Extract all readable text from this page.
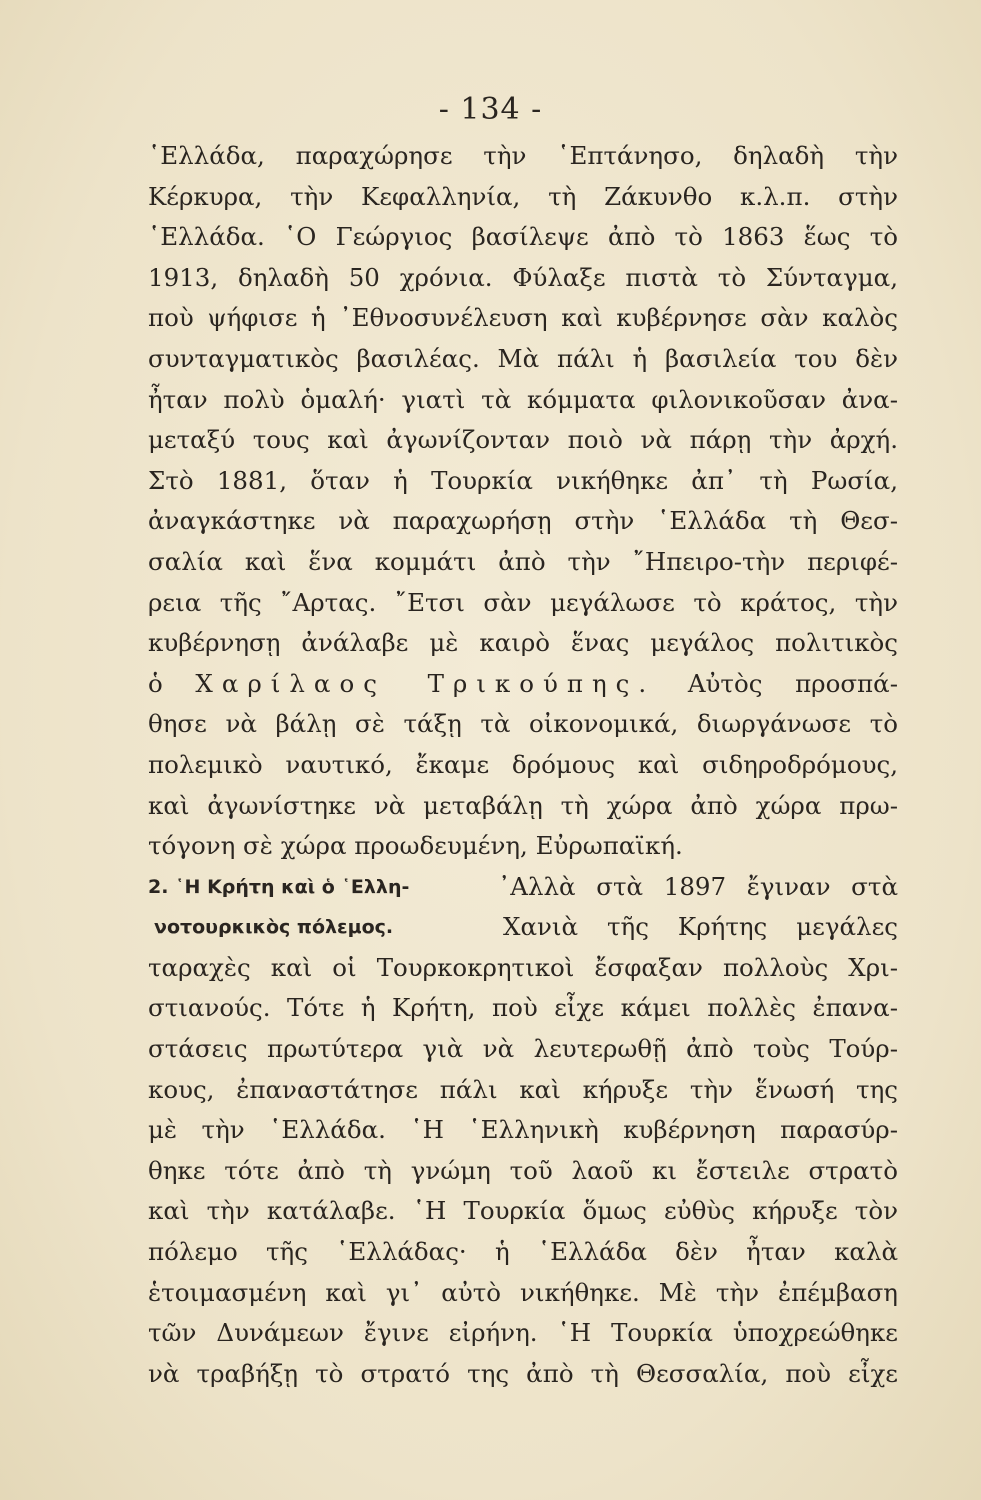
- 134 -
῾Ελλάδα, παραχώρησε τὴν ῾Επτάνησο, δηλαδὴ τὴν
Κέρκυρα, τὴν Κεφαλληνία, τὴ Ζάκυνθο κ.λ.π. στὴν
῾Ελλάδα. ῾Ο Γεώργιος βασίλεψε ἀπὸ τὸ 1863 ἕως τὸ
1913, δηλαδὴ 50 χρόνια. Φύλαξε πιστὰ τὸ Σύνταγμα,
ποὺ ψήφισε ἡ ᾿Εθνοσυνέλευση καὶ κυβέρνησε σὰν καλὸς
συνταγματικὸς βασιλέας. Μὰ πάλι ἡ βασιλεία του δὲν
ἦταν πολὺ ὁμαλή· γιατὶ τὰ κόμματα φιλονικοῦσαν ἀνα-
μεταξύ τους καὶ ἀγωνίζονταν ποιὸ νὰ πάρῃ τὴν ἀρχή.
Στὸ 1881, ὅταν ἡ Τουρκία νικήθηκε ἀπ᾿ τὴ Ρωσία,
ἀναγκάστηκε νὰ παραχωρήσῃ στὴν ῾Ελλάδα τὴ Θεσ-
σαλία καὶ ἕνα κομμάτι ἀπὸ τὴν ῎Ηπειρο-τὴν περιφέ-
ρεια τῆς ῎Αρτας. ῎Ετσι σὰν μεγάλωσε τὸ κράτος, τὴν
κυβέρνησῃ ἀνάλαβε μὲ καιρὸ ἕνας μεγάλος πολιτικὸς
ὁ Χαρίλαος Τρικούπης. Αὐτὸς προσπά-
θησε νὰ βάλῃ σὲ τάξῃ τὰ οἰκονομικά, διωργάνωσε τὸ
πολεμικὸ ναυτικό, ἔκαμε δρόμους καὶ σιδηροδρόμους,
καὶ ἀγωνίστηκε νὰ μεταβάλῃ τὴ χώρα ἀπὸ χώρα πρω-
τόγονη σὲ χώρα προωδευμένη, Εὐρωπαϊκή.
2. ῾Η Κρήτη καὶ ὁ ῾Ελλη-
νοτουρκικὸς πόλεμος.
᾿Αλλὰ στὰ 1897 ἔγιναν στὰ
Χανιὰ τῆς Κρήτης μεγάλες
ταραχὲς καὶ οἱ Τουρκοκρητικοὶ ἔσφαξαν πολλοὺς Χρι-
στιανούς. Τότε ἡ Κρήτη, ποὺ εἶχε κάμει πολλὲς ἐπανα-
στάσεις πρωτύτερα γιὰ νὰ λευτερωθῇ ἀπὸ τοὺς Τούρ-
κους, ἐπαναστάτησε πάλι καὶ κήρυξε τὴν ἕνωσή της
μὲ τὴν ῾Ελλάδα. ῾Η ῾Ελληνικὴ κυβέρνηση παρασύρ-
θηκε τότε ἀπὸ τὴ γνώμη τοῦ λαοῦ κι ἔστειλε στρατὸ
καὶ τὴν κατάλαβε. ῾Η Τουρκία ὅμως εὐθὺς κήρυξε τὸν
πόλεμο τῆς ῾Ελλάδας· ἡ ῾Ελλάδα δὲν ἦταν καλὰ
ἑτοιμασμένη καὶ γι᾿ αὐτὸ νικήθηκε. Μὲ τὴν ἐπέμβαση
τῶν Δυνάμεων ἔγινε εἰρήνη. ῾Η Τουρκία ὑποχρεώθηκε
νὰ τραβήξῃ τὸ στρατό της ἀπὸ τὴ Θεσσαλία, ποὺ εἶχε
